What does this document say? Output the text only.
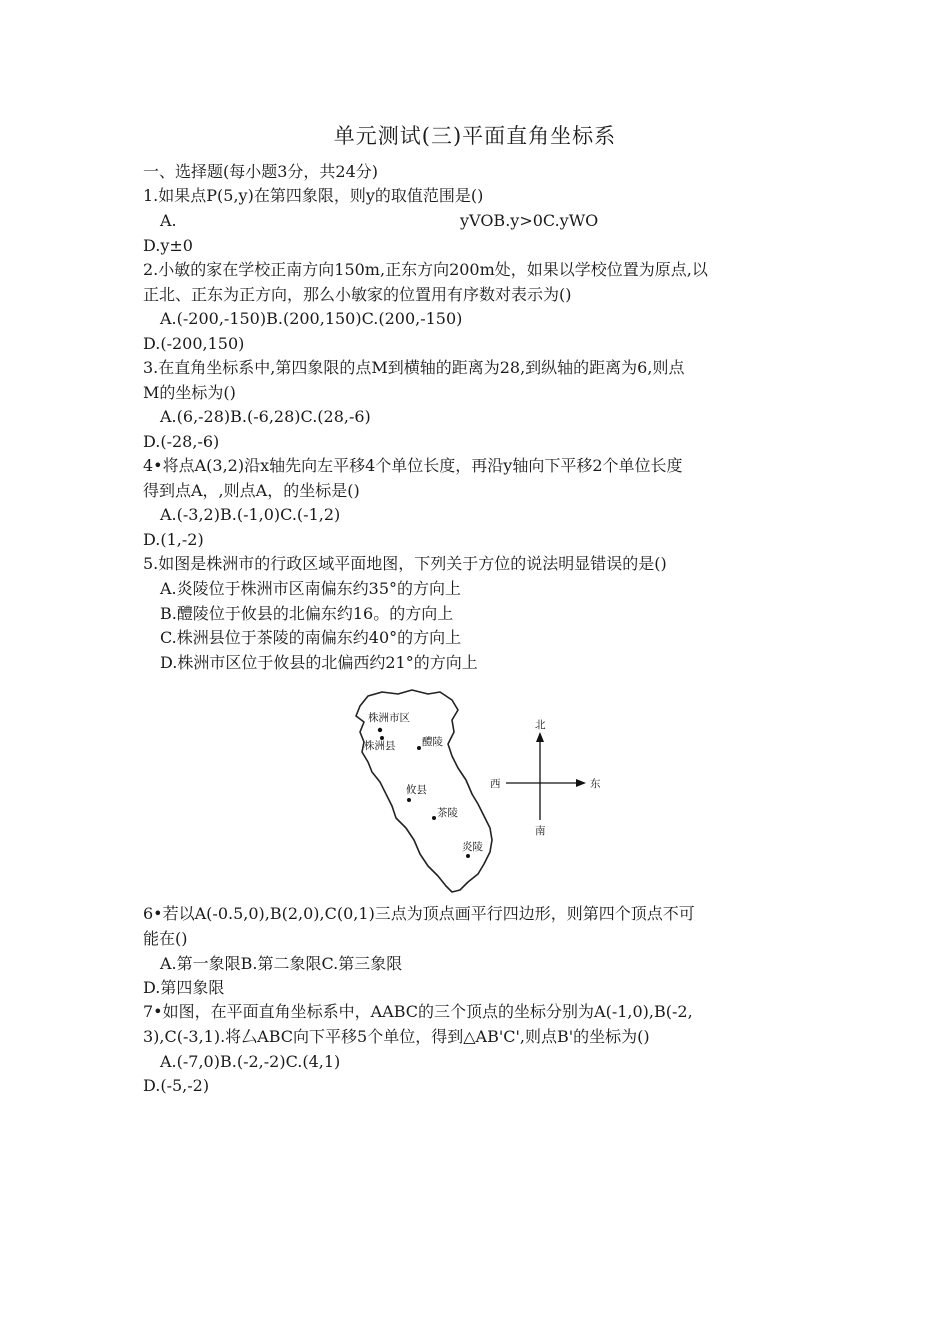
单元测试(三)平面直角坐标系
一、选择题(每小题3分，共24分)
1.如果点P(5,y)在第四象限，则y的取值范围是()
A.	yVOB.y>0C.yWO
D.y±0
2.小敏的家在学校正南方向150m,正东方向200m处，如果以学校位置为原点,以
正北、正东为正方向，那么小敏家的位置用有序数对表示为()
A.(-200,-150)B.(200,150)C.(200,-150)
D.(-200,150)
3.在直角坐标系中,第四象限的点M到横轴的距离为28,到纵轴的距离为6,则点
M的坐标为()
A.(6,-28)B.(-6,28)C.(28,-6)
D.(-28,-6)
4•将点A(3,2)沿x轴先向左平移4个单位长度，再沿y轴向下平移2个单位长度
得到点A，,则点A，的坐标是()
A.(-3,2)B.(-1,0)C.(-1,2)
D.(1,-2)
5.如图是株洲市的行政区域平面地图，下列关于方位的说法明显错误的是()
A.炎陵位于株洲市区南偏东约35°的方向上
B.醴陵位于攸县的北偏东约16。的方向上
C.株洲县位于茶陵的南偏东约40°的方向上
D.株洲市区位于攸县的北偏西约21°的方向上
株洲市区
株洲县	醴陵
攸县
茶陵
炎陵
北
南
东
西
6•若以A(-0.5,0),B(2,0),C(0,1)三点为顶点画平行四边形，则第四个顶点不可
能在()
A.第一象限B.第二象限C.第三象限
D.第四象限
7•如图，在平面直角坐标系中，AABC的三个顶点的坐标分别为A(-1,0),B(-2,
3),C(-3,1).将厶ABC向下平移5个单位，得到△AB'C',则点B'的坐标为()
A.(-7,0)B.(-2,-2)C.(4,1)
D.(-5,-2)
